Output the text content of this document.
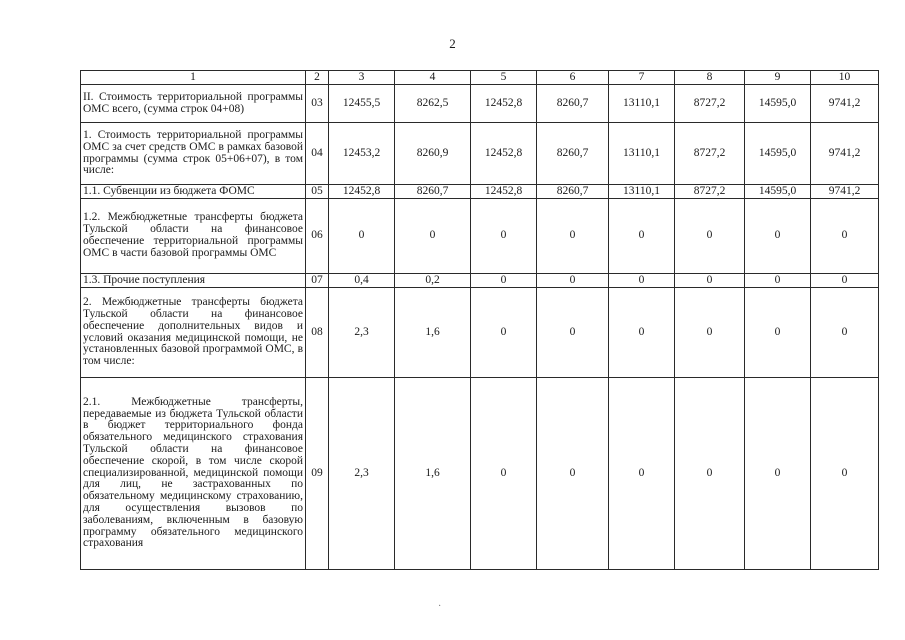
2
1	2	3	4	5	6	7	8	9	10
II. Стоимость территориальной программы ОМС всего, (сумма строк 04+08)	03	12455,5	8262,5	12452,8	8260,7	13110,1	8727,2	14595,0	9741,2
1. Стоимость территориальной программы ОМС за счет средств ОМС в рамках базовой программы (сумма строк 05+06+07), в том числе:	04	12453,2	8260,9	12452,8	8260,7	13110,1	8727,2	14595,0	9741,2
1.1. Субвенции из бюджета ФОМС	05	12452,8	8260,7	12452,8	8260,7	13110,1	8727,2	14595,0	9741,2
1.2. Межбюджетные трансферты бюджета Тульской области на финансовое обеспечение территориальной программы ОМС в части базовой программы ОМС	06	0	0	0	0	0	0	0	0
1.3. Прочие поступления	07	0,4	0,2	0	0	0	0	0	0
2. Межбюджетные трансферты бюджета Тульской области на финансовое обеспечение дополнительных видов и условий оказания медицинской помощи, не установленных базовой программой ОМС, в том числе:	08	2,3	1,6	0	0	0	0	0	0
2.1. Межбюджетные трансферты, передаваемые из бюджета Тульской области в бюджет территориального фонда обязательного медицинского страхования Тульской области на финансовое обеспечение скорой, в том числе скорой специализированной, медицинской помощи для лиц, не застрахованных по обязательному медицинскому страхованию, для осуществления вызовов по заболеваниям, включенным в базовую программу обязательного медицинского страхования	09	2,3	1,6	0	0	0	0	0	0
·
